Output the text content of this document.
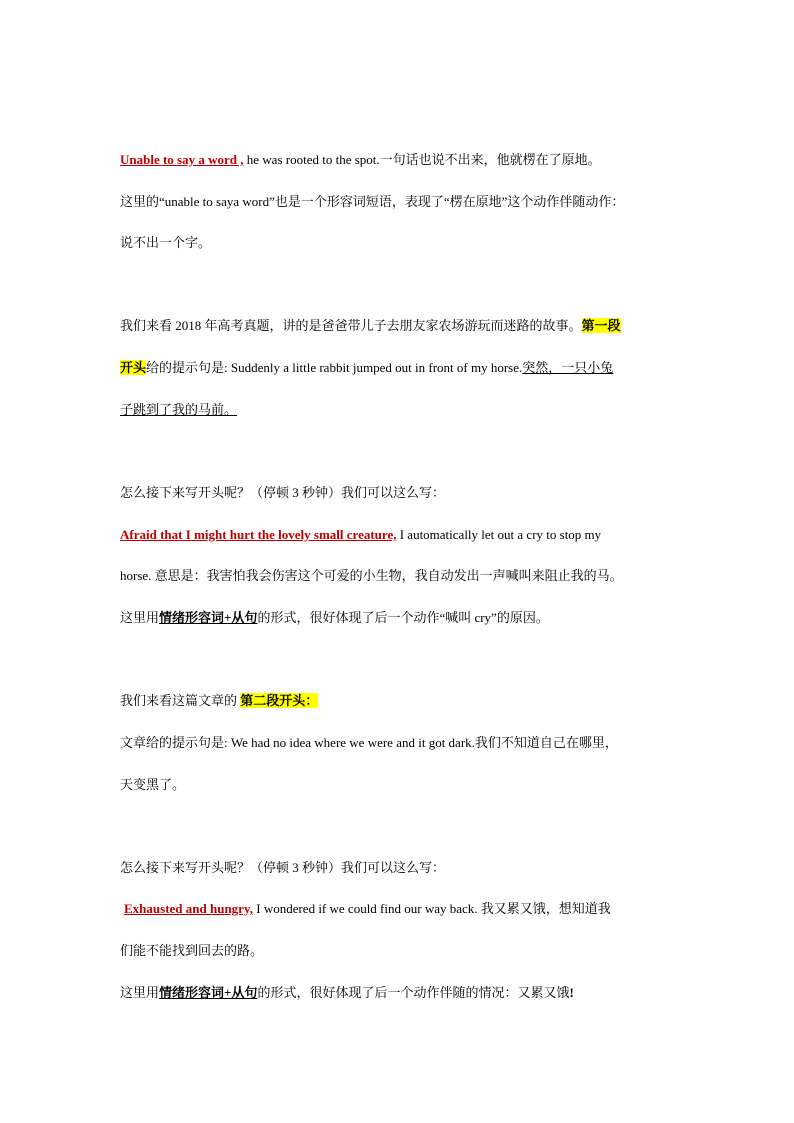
Unable to say a word , he was rooted to the spot.一句话也说不出来，他就楞在了原地。
这里的“unable to saya word”也是一个形容词短语，表现了“楞在原地”这个动作伴随动作：
说不出一个字。
我们来看 2018 年高考真题，讲的是爸爸带儿子去朋友家农场游玩而迷路的故事。第一段
开头给的提示句是: Suddenly a little rabbit jumped out in front of my horse.突然，一只小兔
子跳到了我的马前。
怎么接下来写开头呢？（停顿 3 秒钟）我们可以这么写：
Afraid that I might hurt the lovely small creature, I automatically let out a cry to stop my
horse. 意思是：我害怕我会伤害这个可爱的小生物，我自动发出一声喊叫来阻止我的马。
这里用情绪形容词+从句的形式，很好体现了后一个动作“喊叫 cry”的原因。
我们来看这篇文章的 第二段开头：
文章给的提示句是: We had no idea where we were and it got dark.我们不知道自己在哪里，
天变黑了。
怎么接下来写开头呢？（停顿 3 秒钟）我们可以这么写：
Exhausted and hungry, I wondered if we could find our way back. 我又累又饿，想知道我
们能不能找到回去的路。
这里用情绪形容词+从句的形式，很好体现了后一个动作伴随的情况：又累又饿!
